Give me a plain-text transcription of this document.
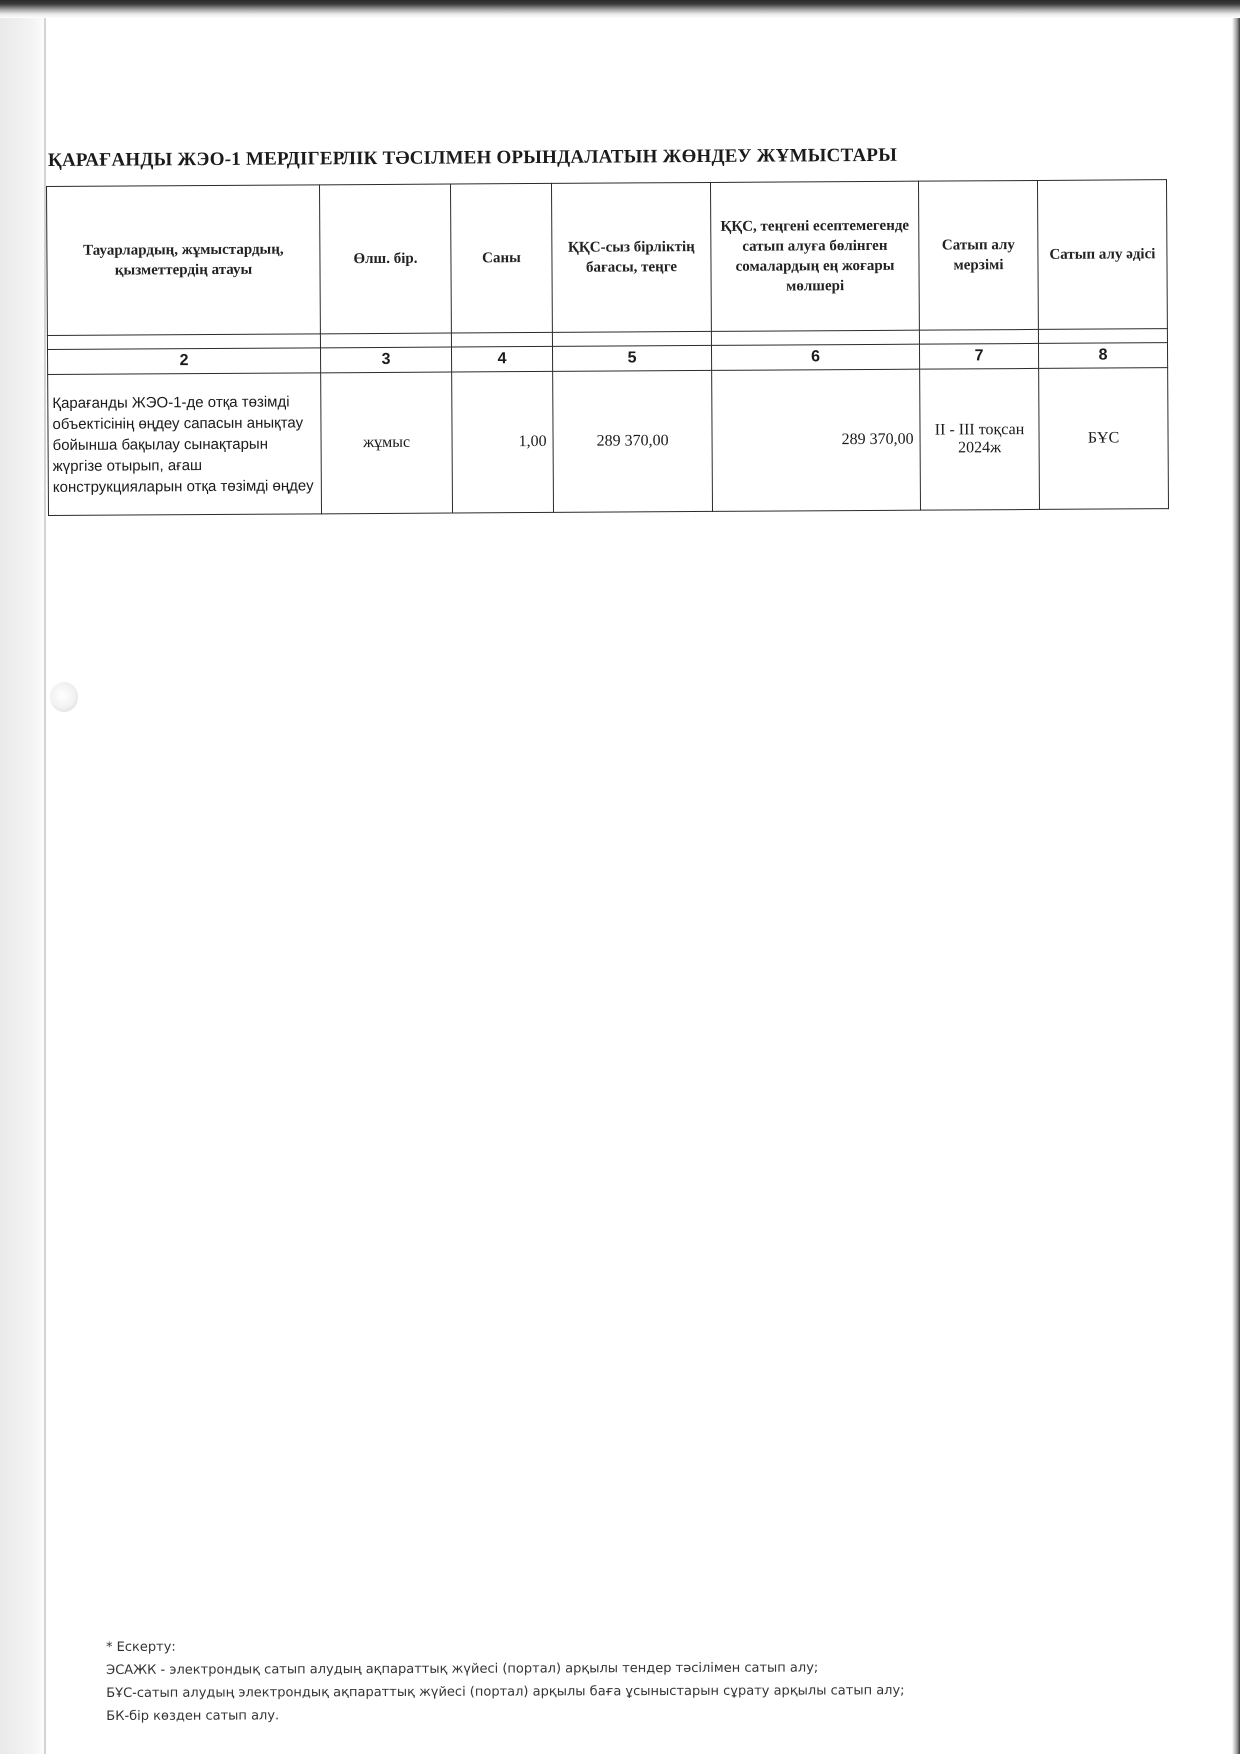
ҚАРАҒАНДЫ ЖЭО-1 МЕРДІГЕРЛІК ТӘСІЛМЕН ОРЫНДАЛАТЫН ЖӨНДЕУ ЖҰМЫСТАРЫ
Тауарлардың, жұмыстардың, қызметтердің атауы	Өлш. бір.	Саны	ҚҚС-сыз бірліктің бағасы, теңге	ҚҚС, теңгені есептемегенде сатып алуға бөлінген сомалардың ең жоғары мөлшері	Сатып алу мерзімі	Сатып алу әдісі

2	3	4	5	6	7	8
Қарағанды ЖЭО-1-де отқа төзімді объектісінің өңдеу сапасын анықтау бойынша бақылау сынақтарын жүргізе отырып, ағаш конструкцияларын отқа төзімді өңдеу	жұмыс	1,00	289 370,00	289 370,00	II - III тоқсан 2024ж	БҰС
* Ескерту:
ЭСАЖК - электрондық сатып алудың ақпараттық жүйесі (портал) арқылы тендер тәсілімен сатып алу;
БҰС-сатып алудың электрондық ақпараттық жүйесі (портал) арқылы баға ұсыныстарын сұрату арқылы сатып алу;
БК-бір көзден сатып алу.
